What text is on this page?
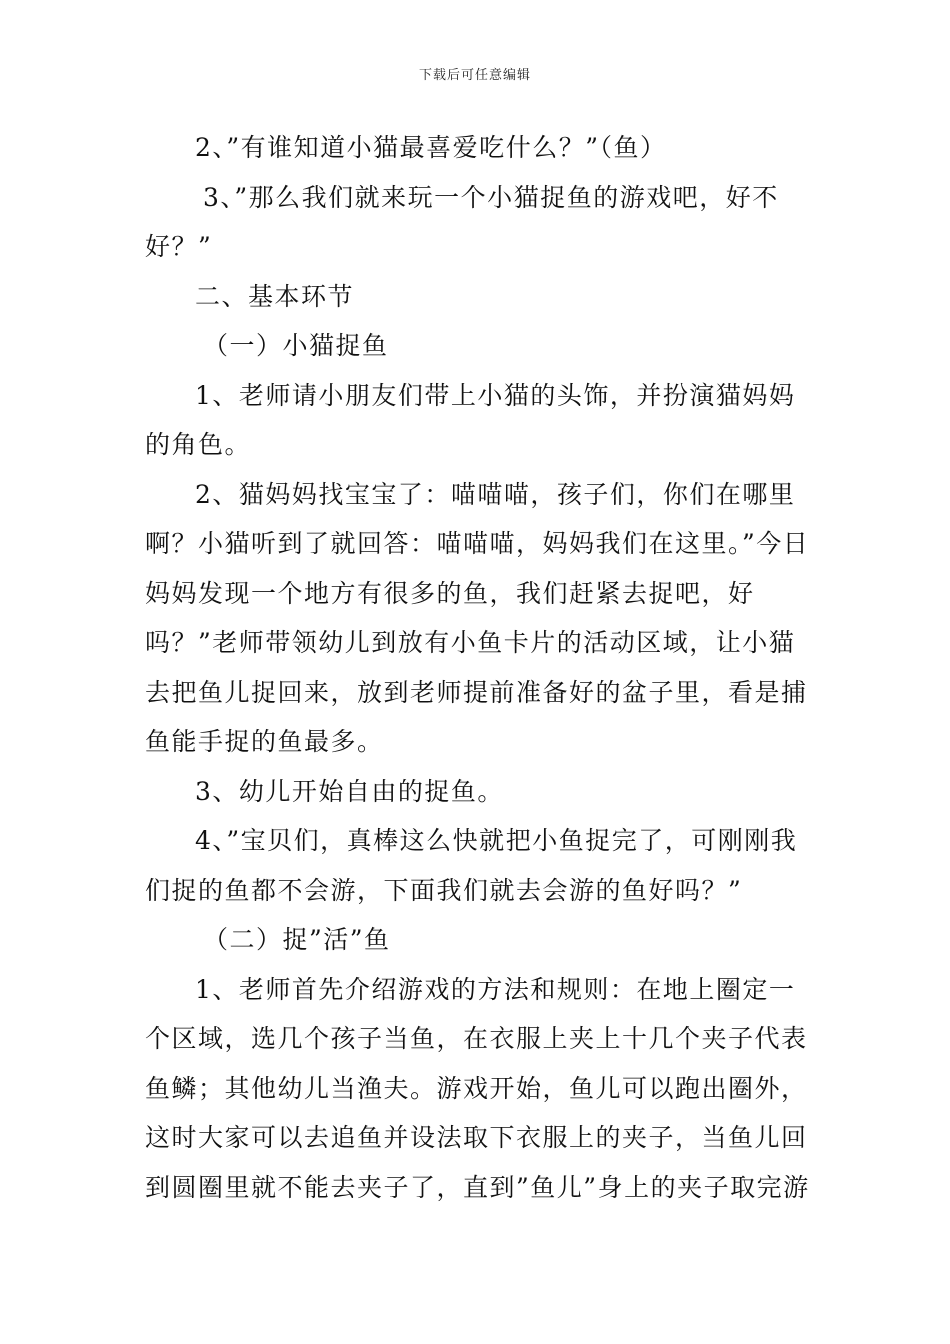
下载后可任意编辑

2、”有谁知道小猫最喜爱吃什么？”（鱼）

3、”那么我们就来玩一个小猫捉鱼的游戏吧，好不好？”

二、基本环节

（一）小猫捉鱼

1、老师请小朋友们带上小猫的头饰，并扮演猫妈妈的角色。

2、猫妈妈找宝宝了：喵喵喵，孩子们，你们在哪里啊？小猫听到了就回答：喵喵喵，妈妈我们在这里。”今日妈妈发现一个地方有很多的鱼，我们赶紧去捉吧，好吗？”老师带领幼儿到放有小鱼卡片的活动区域，让小猫去把鱼儿捉回来，放到老师提前准备好的盆子里，看是捕鱼能手捉的鱼最多。

3、幼儿开始自由的捉鱼。

4、”宝贝们，真棒这么快就把小鱼捉完了，可刚刚我们捉的鱼都不会游，下面我们就去会游的鱼好吗？”

（二）捉”活”鱼

1、老师首先介绍游戏的方法和规则：在地上圈定一个区域，选几个孩子当鱼，在衣服上夹上十几个夹子代表鱼鳞；其他幼儿当渔夫。游戏开始，鱼儿可以跑出圈外，这时大家可以去追鱼并设法取下衣服上的夹子，当鱼儿回到圆圈里就不能去夹子了，直到”鱼儿”身上的夹子取完游
